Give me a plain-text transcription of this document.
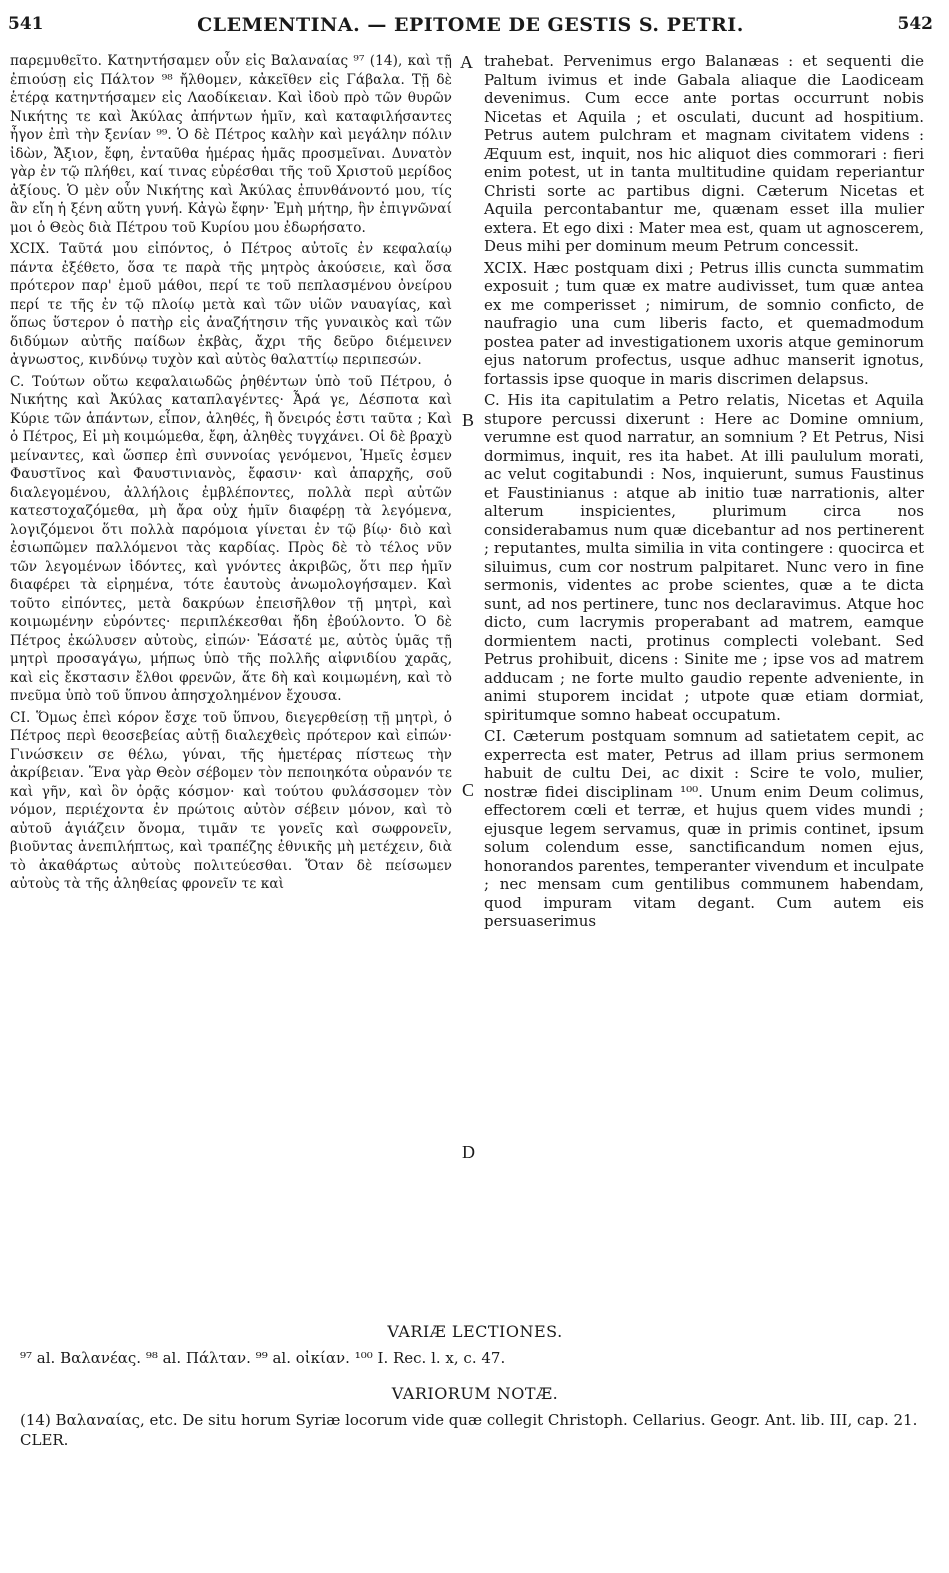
541	CLEMENTINA. — EPITOME DE GESTIS S. PETRI.	542

παρεμυθεῖτο. Κατηντήσαμεν οὖν εἰς Βαλαναίας ⁹⁷ (14), καὶ τῇ ἐπιούσῃ εἰς Πάλτον ⁹⁸ ἤλθομεν, κἀκεῖθεν εἰς Γάβαλα. Τῇ δὲ ἑτέρᾳ κατηντήσαμεν εἰς Λαοδίκειαν. Καὶ ἰδοὺ πρὸ τῶν θυρῶν Νικήτης τε καὶ Ἀκύλας ἀπήντων ἡμῖν, καὶ καταφιλήσαντες ἦγον ἐπὶ τὴν ξενίαν ⁹⁹. Ὁ δὲ Πέτρος καλὴν καὶ μεγάλην πόλιν ἰδὼν, Ἄξιον, ἔφη, ἐνταῦθα ἡμέρας ἡμᾶς προσμεῖναι. Δυνατὸν γὰρ ἐν τῷ πλήθει, καί τινας εὑρέσθαι τῆς τοῦ Χριστοῦ μερίδος ἀξίους. Ὁ μὲν οὖν Νικήτης καὶ Ἀκύλας ἐπυνθάνοντό μου, τίς ἂν εἴη ἡ ξένη αὕτη γυνή. Κἀγὼ ἔφην· Ἐμὴ μήτηρ, ἣν ἐπιγνῶναί μοι ὁ Θεὸς διὰ Πέτρου τοῦ Κυρίου μου ἐδωρήσατο.

XCIX. Ταῦτά μου εἰπόντος, ὁ Πέτρος αὐτοῖς ἐν κεφαλαίῳ πάντα ἐξέθετο, ὅσα τε παρὰ τῆς μητρὸς ἀκούσειε, καὶ ὅσα πρότερον παρ' ἐμοῦ μάθοι, περί τε τοῦ πεπλασμένου ὀνείρου περί τε τῆς ἐν τῷ πλοίῳ μετὰ καὶ τῶν υἱῶν ναυαγίας, καὶ ὅπως ὕστερον ὁ πατὴρ εἰς ἀναζήτησιν τῆς γυναικὸς καὶ τῶν διδύμων αὐτῆς παίδων ἐκβὰς, ἄχρι τῆς δεῦρο διέμεινεν ἀγνωστος, κινδύνῳ τυχὸν καὶ αὐτὸς θαλαττίῳ περιπεσών.

C. Τούτων οὕτω κεφαλαιωδῶς ῥηθέντων ὑπὸ τοῦ Πέτρου, ὁ Νικήτης καὶ Ἀκύλας καταπλαγέντες· Ἆρά γε, Δέσποτα καὶ Κύριε τῶν ἁπάντων, εἶπον, ἀληθές, ἢ ὄνειρός ἐστι ταῦτα ; Καὶ ὁ Πέτρος, Εἰ μὴ κοιμώμεθα, ἔφη, ἀληθὲς τυγχάνει. Οἱ δὲ βραχὺ μείναντες, καὶ ὥσπερ ἐπὶ συννοίας γενόμενοι, Ἡμεῖς ἐσμεν Φαυστῖνος καὶ Φαυστινιανὸς, ἔφασιν· καὶ ἀπαρχῆς, σοῦ διαλεγομένου, ἀλλήλοις ἐμβλέποντες, πολλὰ περὶ αὐτῶν κατεστοχαζόμεθα, μὴ ἄρα οὐχ ἡμῖν διαφέρῃ τὰ λεγόμενα, λογιζόμενοι ὅτι πολλὰ παρόμοια γίνεται ἐν τῷ βίῳ· διὸ καὶ ἐσιωπῶμεν παλλόμενοι τὰς καρδίας. Πρὸς δὲ τὸ τέλος νῦν τῶν λεγομένων ἰδόντες, καὶ γνόντες ἀκριβῶς, ὅτι περ ἡμῖν διαφέρει τὰ εἰρημένα, τότε ἑαυτοὺς ἀνωμολογήσαμεν. Καὶ τοῦτο εἰπόντες, μετὰ δακρύων ἐπεισῆλθον τῇ μητρὶ, καὶ κοιμωμένην εὑρόντες· περιπλέκεσθαι ἤδη ἐβούλοντο. Ὁ δὲ Πέτρος ἐκώλυσεν αὐτοὺς, εἰπών· Ἐάσατέ με, αὐτὸς ὑμᾶς τῇ μητρὶ προσαγάγω, μήπως ὑπὸ τῆς πολλῆς αἰφνιδίου χαρᾶς, καὶ εἰς ἔκστασιν ἔλθοι φρενῶν, ἅτε δὴ καὶ κοιμωμένη, καὶ τὸ πνεῦμα ὑπὸ τοῦ ὕπνου ἀπησχολημένον ἔχουσα.

CI. Ὅμως ἐπεὶ κόρον ἔσχε τοῦ ὕπνου, διεγερθείσῃ τῇ μητρὶ, ὁ Πέτρος περὶ θεοσεβείας αὐτῇ διαλεχθεὶς πρότερον καὶ εἰπών· Γινώσκειν σε θέλω, γύναι, τῆς ἡμετέρας πίστεως τὴν ἀκρίβειαν. Ἕνα γὰρ Θεὸν σέβομεν τὸν πεποιηκότα οὐρανόν τε καὶ γῆν, καὶ ὃν ὁρᾷς κόσμον· καὶ τούτου φυλάσσομεν τὸν νόμον, περιέχοντα ἐν πρώτοις αὐτὸν σέβειν μόνον, καὶ τὸ αὐτοῦ ἁγιάζειν ὄνομα, τιμᾶν τε γονεῖς καὶ σωφρονεῖν, βιοῦντας ἀνεπιλήπτως, καὶ τραπέζης ἐθνικῆς μὴ μετέχειν, διὰ τὸ ἀκαθάρτως αὐτοὺς πολιτεύεσθαι. Ὅταν δὲ πείσωμεν αὐτοὺς τὰ τῆς ἀληθείας φρονεῖν τε καὶ

A
B
C
D

trahebat. Pervenimus ergo Balanæas : et sequenti die Paltum ivimus et inde Gabala aliaque die Laodiceam devenimus. Cum ecce ante portas occurrunt nobis Nicetas et Aquila ; et osculati, ducunt ad hospitium. Petrus autem pulchram et magnam civitatem videns : Æquum est, inquit, nos hic aliquot dies commorari : fieri enim potest, ut in tanta multitudine quidam reperiantur Christi sorte ac partibus digni. Cæterum Nicetas et Aquila percontabantur me, quænam esset illa mulier extera. Et ego dixi : Mater mea est, quam ut agnoscerem, Deus mihi per dominum meum Petrum concessit.

XCIX. Hæc postquam dixi ; Petrus illis cuncta summatim exposuit ; tum quæ ex matre audivisset, tum quæ antea ex me comperisset ; nimirum, de somnio conficto, de naufragio una cum liberis facto, et quemadmodum postea pater ad investigationem uxoris atque geminorum ejus natorum profectus, usque adhuc manserit ignotus, fortassis ipse quoque in maris discrimen delapsus.

C. His ita capitulatim a Petro relatis, Nicetas et Aquila stupore percussi dixerunt : Here ac Domine omnium, verumne est quod narratur, an somnium ? Et Petrus, Nisi dormimus, inquit, res ita habet. At illi paululum morati, ac velut cogitabundi : Nos, inquierunt, sumus Faustinus et Faustinianus : atque ab initio tuæ narrationis, alter alterum inspicientes, plurimum circa nos considerabamus num quæ dicebantur ad nos pertinerent ; reputantes, multa similia in vita contingere : quocirca et siluimus, cum cor nostrum palpitaret. Nunc vero in fine sermonis, videntes ac probe scientes, quæ a te dicta sunt, ad nos pertinere, tunc nos declaravimus. Atque hoc dicto, cum lacrymis properabant ad matrem, eamque dormientem nacti, protinus complecti volebant. Sed Petrus prohibuit, dicens : Sinite me ; ipse vos ad matrem adducam ; ne forte multo gaudio repente adveniente, in animi stuporem incidat ; utpote quæ etiam dormiat, spiritumque somno habeat occupatum.

CI. Cæterum postquam somnum ad satietatem cepit, ac experrecta est mater, Petrus ad illam prius sermonem habuit de cultu Dei, ac dixit : Scire te volo, mulier, nostræ fidei disciplinam ¹⁰⁰. Unum enim Deum colimus, effectorem cœli et terræ, et hujus quem vides mundi ; ejusque legem servamus, quæ in primis continet, ipsum solum colendum esse, sanctificandum nomen ejus, honorandos parentes, temperanter vivendum et inculpate ; nec mensam cum gentilibus communem habendam, quod impuram vitam degant. Cum autem eis persuaserimus

VARIÆ LECTIONES.
⁹⁷ al. Βαλανέας. ⁹⁸ al. Πάλταν. ⁹⁹ al. οἰκίαν. ¹⁰⁰ I. Rec. l. x, c. 47.
VARIORUM NOTÆ.
(14) Βαλαναίας, etc. De situ horum Syriæ locorum vide quæ collegit Christoph. Cellarius. Geogr. Ant. lib. III, cap. 21. CLER.
